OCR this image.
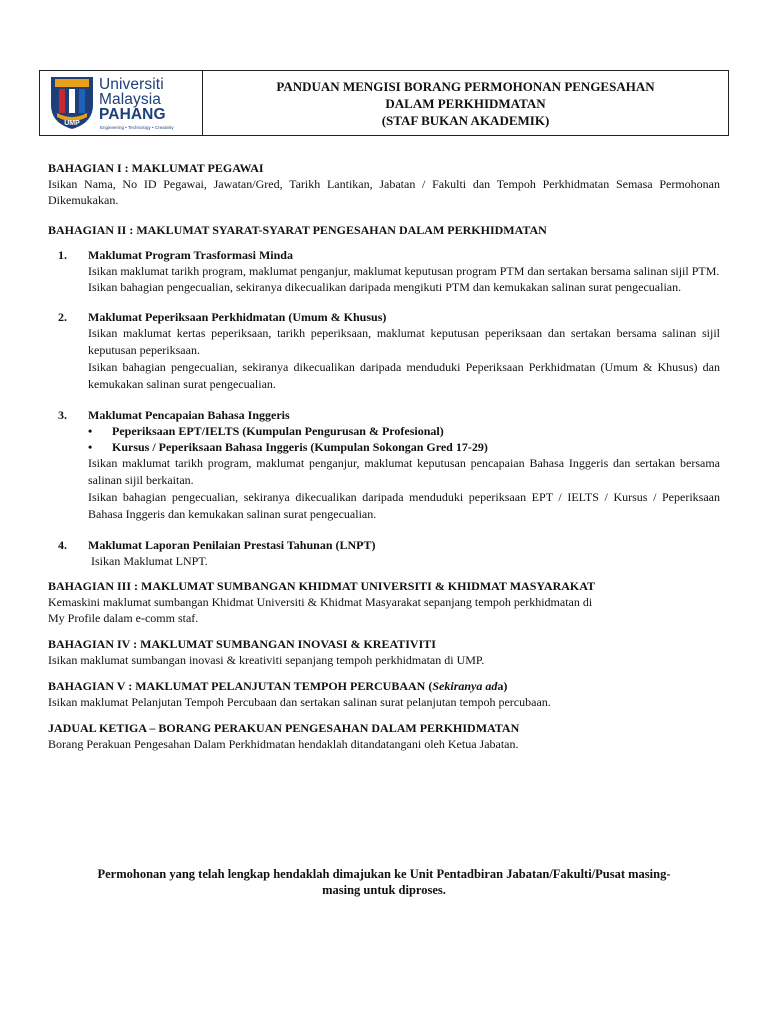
UMP
Universiti
Malaysia
PAHANG
Engineering • Technology • Creativity
PANDUAN MENGISI BORANG PERMOHONAN PENGESAHAN
DALAM PERKHIDMATAN
(STAF BUKAN AKADEMIK)

BAHAGIAN I : MAKLUMAT PEGAWAI

Isikan Nama, No ID Pegawai, Jawatan/Gred, Tarikh Lantikan, Jabatan / Fakulti dan Tempoh Perkhidmatan Semasa Permohonan Dikemukakan.

BAHAGIAN II : MAKLUMAT SYARAT-SYARAT PENGESAHAN DALAM PERKHIDMATAN

1.	Maklumat Program Trasformasi Minda

Isikan maklumat tarikh program, maklumat penganjur, maklumat keputusan program PTM dan sertakan bersama salinan sijil PTM.

Isikan bahagian pengecualian, sekiranya dikecualikan daripada mengikuti PTM dan kemukakan salinan surat pengecualian.

2.	Maklumat Peperiksaan Perkhidmatan (Umum & Khusus)

Isikan maklumat kertas peperiksaan, tarikh peperiksaan, maklumat keputusan peperiksaan dan sertakan bersama salinan sijil keputusan peperiksaan.

Isikan bahagian pengecualian, sekiranya dikecualikan daripada menduduki Peperiksaan Perkhidmatan (Umum & Khusus) dan kemukakan salinan surat pengecualian.

3.	Maklumat Pencapaian Bahasa Inggeris
•	Peperiksaan EPT/IELTS (Kumpulan Pengurusan & Profesional)
•	Kursus / Peperiksaan Bahasa Inggeris (Kumpulan Sokongan Gred 17-29)

Isikan maklumat tarikh program, maklumat penganjur, maklumat keputusan pencapaian Bahasa Inggeris dan sertakan bersama salinan sijil berkaitan.

Isikan bahagian pengecualian, sekiranya dikecualikan daripada menduduki peperiksaan EPT / IELTS / Kursus / Peperiksaan Bahasa Inggeris dan kemukakan salinan surat pengecualian.

4.	Maklumat Laporan Penilaian Prestasi Tahunan (LNPT)

Isikan Maklumat LNPT.

BAHAGIAN III : MAKLUMAT SUMBANGAN KHIDMAT UNIVERSITI & KHIDMAT MASYARAKAT

Kemaskini maklumat sumbangan Khidmat Universiti & Khidmat Masyarakat sepanjang tempoh perkhidmatan di

My Profile dalam e-comm staf.

BAHAGIAN IV : MAKLUMAT SUMBANGAN INOVASI & KREATIVITI

Isikan maklumat sumbangan inovasi & kreativiti sepanjang tempoh perkhidmatan di UMP.

BAHAGIAN V : MAKLUMAT PELANJUTAN TEMPOH PERCUBAAN (Sekiranya ada)

Isikan maklumat Pelanjutan Tempoh Percubaan dan sertakan salinan surat pelanjutan tempoh percubaan.

JADUAL KETIGA – BORANG PERAKUAN PENGESAHAN DALAM PERKHIDMATAN

Borang Perakuan Pengesahan Dalam Perkhidmatan hendaklah ditandatangani oleh Ketua Jabatan.

Permohonan yang telah lengkap hendaklah dimajukan ke Unit Pentadbiran Jabatan/Fakulti/Pusat masing-
masing untuk diproses.
